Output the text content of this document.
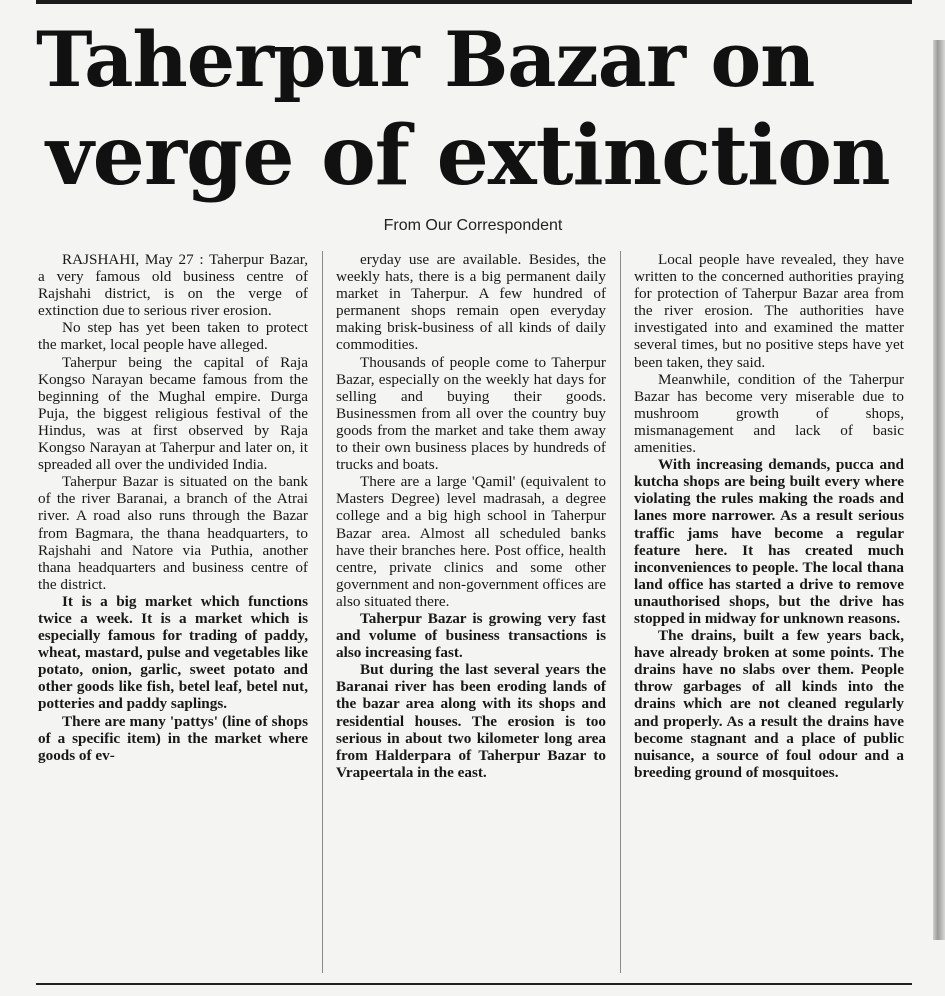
Taherpur Bazar on
verge of extinction
From Our Correspondent

RAJSHAHI, May 27 : Taherpur Bazar, a very famous old business centre of Rajshahi district, is on the verge of extinction due to serious river erosion.

No step has yet been taken to protect the market, local people have alleged.

Taherpur being the capital of Raja Kongso Narayan became famous from the beginning of the Mughal empire. Durga Puja, the biggest religious festival of the Hindus, was at first observed by Raja Kongso Narayan at Taherpur and later on, it spreaded all over the undivided India.

Taherpur Bazar is situated on the bank of the river Baranai, a branch of the Atrai river. A road also runs through the Bazar from Bagmara, the thana headquarters, to Rajshahi and Natore via Puthia, another thana headquarters and business centre of the district.

It is a big market which functions twice a week. It is a market which is especially famous for trading of paddy, wheat, mastard, pulse and vegetables like potato, onion, garlic, sweet potato and other goods like fish, betel leaf, betel nut, potteries and paddy saplings.

There are many 'pattys' (line of shops of a specific item) in the market where goods of ev-

eryday use are available. Besides, the weekly hats, there is a big permanent daily market in Taherpur. A few hundred of permanent shops remain open everyday making brisk-business of all kinds of daily commodities.

Thousands of people come to Taherpur Bazar, especially on the weekly hat days for selling and buying their goods. Businessmen from all over the country buy goods from the market and take them away to their own business places by hundreds of trucks and boats.

There are a large 'Qamil' (equivalent to Masters Degree) level madrasah, a degree college and a big high school in Taherpur Bazar area. Almost all scheduled banks have their branches here. Post office, health centre, private clinics and some other government and non-government offices are also situated there.

Taherpur Bazar is growing very fast and volume of business transactions is also increasing fast.

But during the last several years the Baranai river has been eroding lands of the bazar area along with its shops and residential houses. The erosion is too serious in about two kilometer long area from Halderpara of Taherpur Bazar to Vrapeertala in the east.

Local people have revealed, they have written to the concerned authorities praying for protection of Taherpur Bazar area from the river erosion. The authorities have investigated into and examined the matter several times, but no positive steps have yet been taken, they said.

Meanwhile, condition of the Taherpur Bazar has become very miserable due to mushroom growth of shops, mismanagement and lack of basic amenities.

With increasing demands, pucca and kutcha shops are being built every where violating the rules making the roads and lanes more narrower. As a result serious traffic jams have become a regular feature here. It has created much inconveniences to people. The local thana land office has started a drive to remove unauthorised shops, but the drive has stopped in midway for unknown reasons.

The drains, built a few years back, have already broken at some points. The drains have no slabs over them. People throw garbages of all kinds into the drains which are not cleaned regularly and properly. As a result the drains have become stagnant and a place of public nuisance, a source of foul odour and a breeding ground of mosquitoes.
